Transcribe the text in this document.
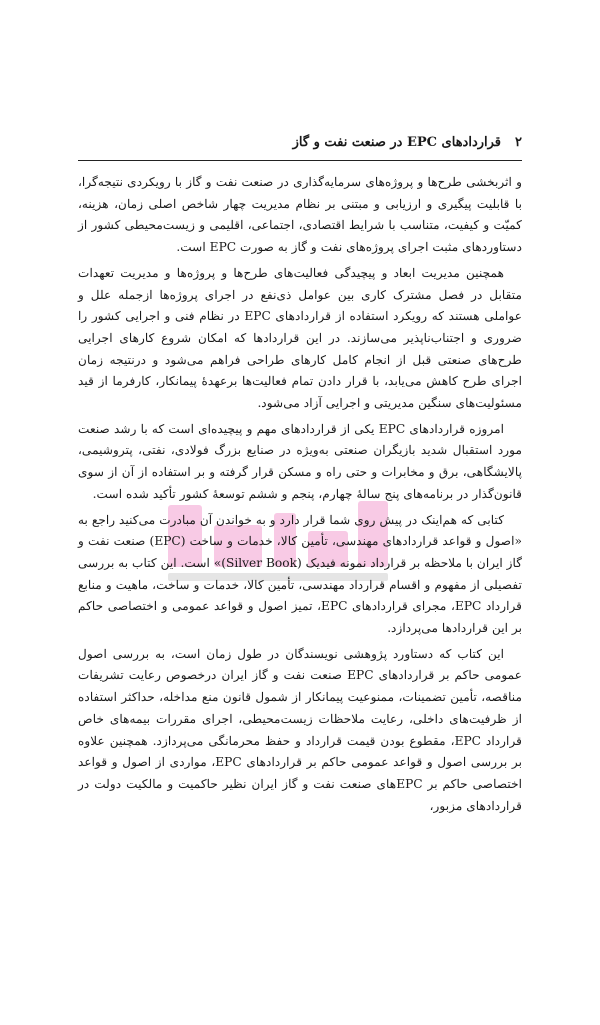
۲
قراردادهای EPC در صنعت نفت و گاز

و اثربخشی طرح‌ها و پروژه‌های سرمایه‌گذاری در صنعت نفت و گاز با رویکردی نتیجه‌گرا، با قابلیت پیگیری و ارزیابی و مبتنی بر نظام مدیریت چهار شاخص اصلی زمان، هزینه، کمیّت و کیفیت، متناسب با شرایط اقتصادی، اجتماعی، اقلیمی و زیست‌محیطی کشور از دستاوردهای مثبت اجرای پروژه‌های نفت و گاز به صورت EPC است.

همچنین مدیریت ابعاد و پیچیدگی فعالیت‌های طرح‌ها و پروژه‌ها و مدیریت تعهدات متقابل در فصل مشترک کاری بین عوامل ذی‌نفع در اجرای پروژه‌ها ازجمله علل و عواملی هستند که رویکرد استفاده از قراردادهای EPC در نظام فنی و اجرایی کشور را ضروری و اجتناب‌ناپذیر می‌سازند. در این قراردادها که امکان شروع کارهای اجرایی طرح‌های صنعتی قبل از انجام کامل کارهای طراحی فراهم می‌شود و درنتیجه زمان اجرای طرح کاهش می‌یابد، با قرار دادن تمام فعالیت‌ها برعهدۀ پیمانکار، کارفرما از قید مسئولیت‌های سنگین مدیریتی و اجرایی آزاد می‌شود.

امروزه قراردادهای EPC یکی از قراردادهای مهم و پیچیده‌ای است که با رشد صنعت مورد استقبال شدید بازیگران صنعتی به‌ویژه در صنایع بزرگ فولادی، نفتی، پتروشیمی، پالایشگاهی، برق و مخابرات و حتی راه و مسکن قرار گرفته و بر استفاده از آن از سوی قانون‌گذار در برنامه‌های پنج سالۀ چهارم، پنجم و ششم توسعۀ کشور تأکید شده است.

کتابی که هم‌اینک در پیش روی شما قرار دارد و به خواندن آن مبادرت می‌کنید راجع به «اصول و قواعد قراردادهای مهندسی، تأمین کالا، خدمات و ساخت (EPC) صنعت نفت و گاز ایران با ملاحظه بر قرارداد نمونه فیدیک (Silver Book)» است. این کتاب به بررسی تفصیلی از مفهوم و اقسام قرارداد مهندسی، تأمین کالا، خدمات و ساخت، ماهیت و منابع قرارداد EPC، مجرای قراردادهای EPC، تمیز اصول و قواعد عمومی و اختصاصی حاکم بر این قراردادها می‌پردازد.

این کتاب که دستاورد پژوهشی نویسندگان در طول زمان است، به بررسی اصول عمومی حاکم بر قراردادهای EPC صنعت نفت و گاز ایران درخصوص رعایت تشریفات مناقصه، تأمین تضمینات، ممنوعیت پیمانکار از شمول قانون منع مداخله، حداکثر استفاده از ظرفیت‌های داخلی، رعایت ملاحظات زیست‌محیطی، اجرای مقررات بیمه‌های خاص قرارداد EPC، مقطوع بودن قیمت قرارداد و حفظ محرمانگی می‌پردازد. همچنین علاوه بر بررسی اصول و قواعد عمومی حاکم بر قراردادهای EPC، مواردی از اصول و قواعد اختصاصی حاکم بر EPCهای صنعت نفت و گاز ایران نظیر حاکمیت و مالکیت دولت در قراردادهای مزبور،
